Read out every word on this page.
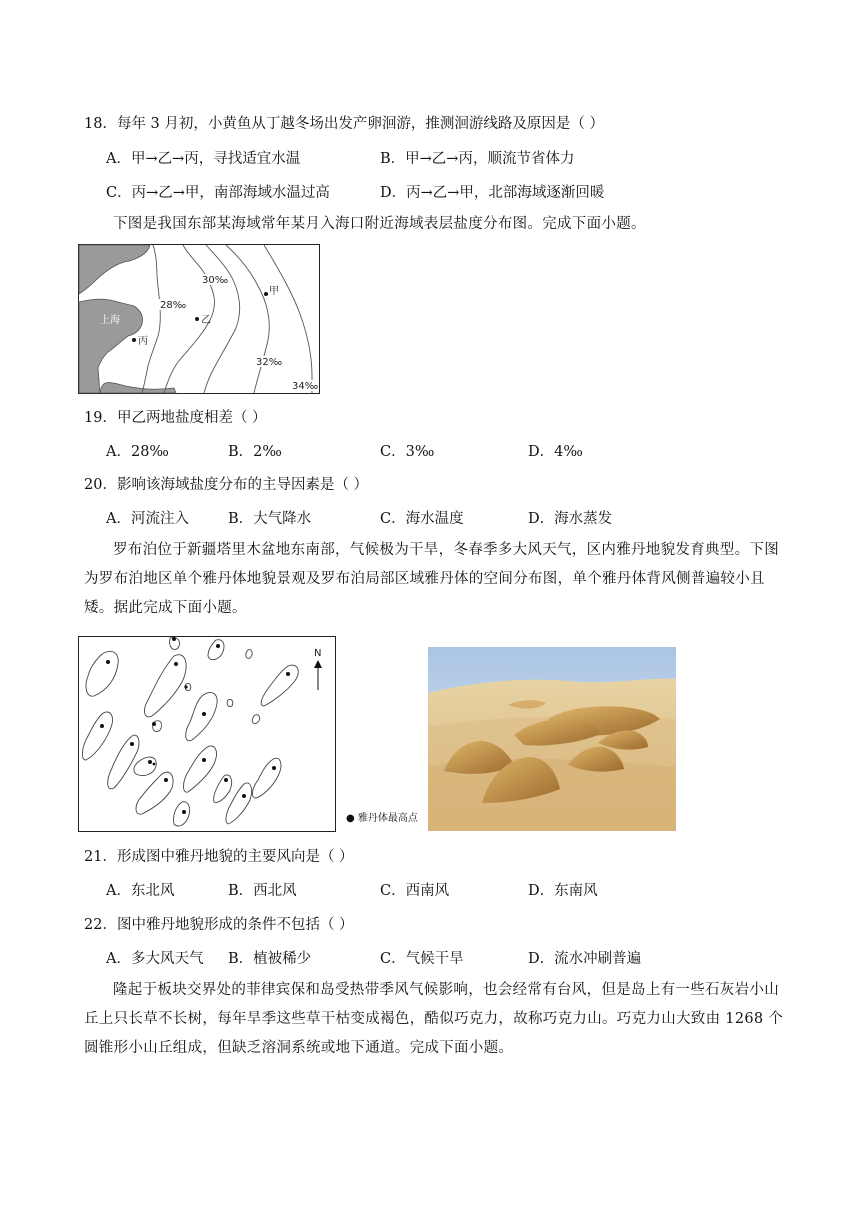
18．每年 3 月初，小黄鱼从丁越冬场出发产卵洄游，推测洄游线路及原因是（ ）
A．甲→乙→丙，寻找适宜水温	B．甲→乙→丙，顺流节省体力
C．丙→乙→甲，南部海域水温过高	D．丙→乙→甲，北部海域逐渐回暖
下图是我国东部某海域常年某月入海口附近海域表层盐度分布图。完成下面小题。
30‰
28‰
乙
甲
丙
上海
32‰
34‰
19．甲乙两地盐度相差（ ）
A．28‰	B．2‰	C．3‰	D．4‰
20．影响该海域盐度分布的主导因素是（ ）
A．河流注入	B．大气降水	C．海水温度	D．海水蒸发
罗布泊位于新疆塔里木盆地东南部，气候极为干旱，冬春季多大风天气，区内雅丹地貌发育典型。下图为罗布泊地区单个雅丹体地貌景观及罗布泊局部区域雅丹体的空间分布图，单个雅丹体背风侧普遍较小且矮。据此完成下面小题。
N
● 雅丹体最高点
21．形成图中雅丹地貌的主要风向是（ ）
A．东北风	B．西北风	C．西南风	D．东南风
22．图中雅丹地貌形成的条件不包括（ ）
A．多大风天气 B．植被稀少	C．气候干旱	D．流水冲刷普遍
隆起于板块交界处的菲律宾保和岛受热带季风气候影响，也会经常有台风，但是岛上有一些石灰岩小山丘上只长草不长树，每年旱季这些草干枯变成褐色，酷似巧克力，故称巧克力山。巧克力山大致由 1268 个圆锥形小山丘组成，但缺乏溶洞系统或地下通道。完成下面小题。
